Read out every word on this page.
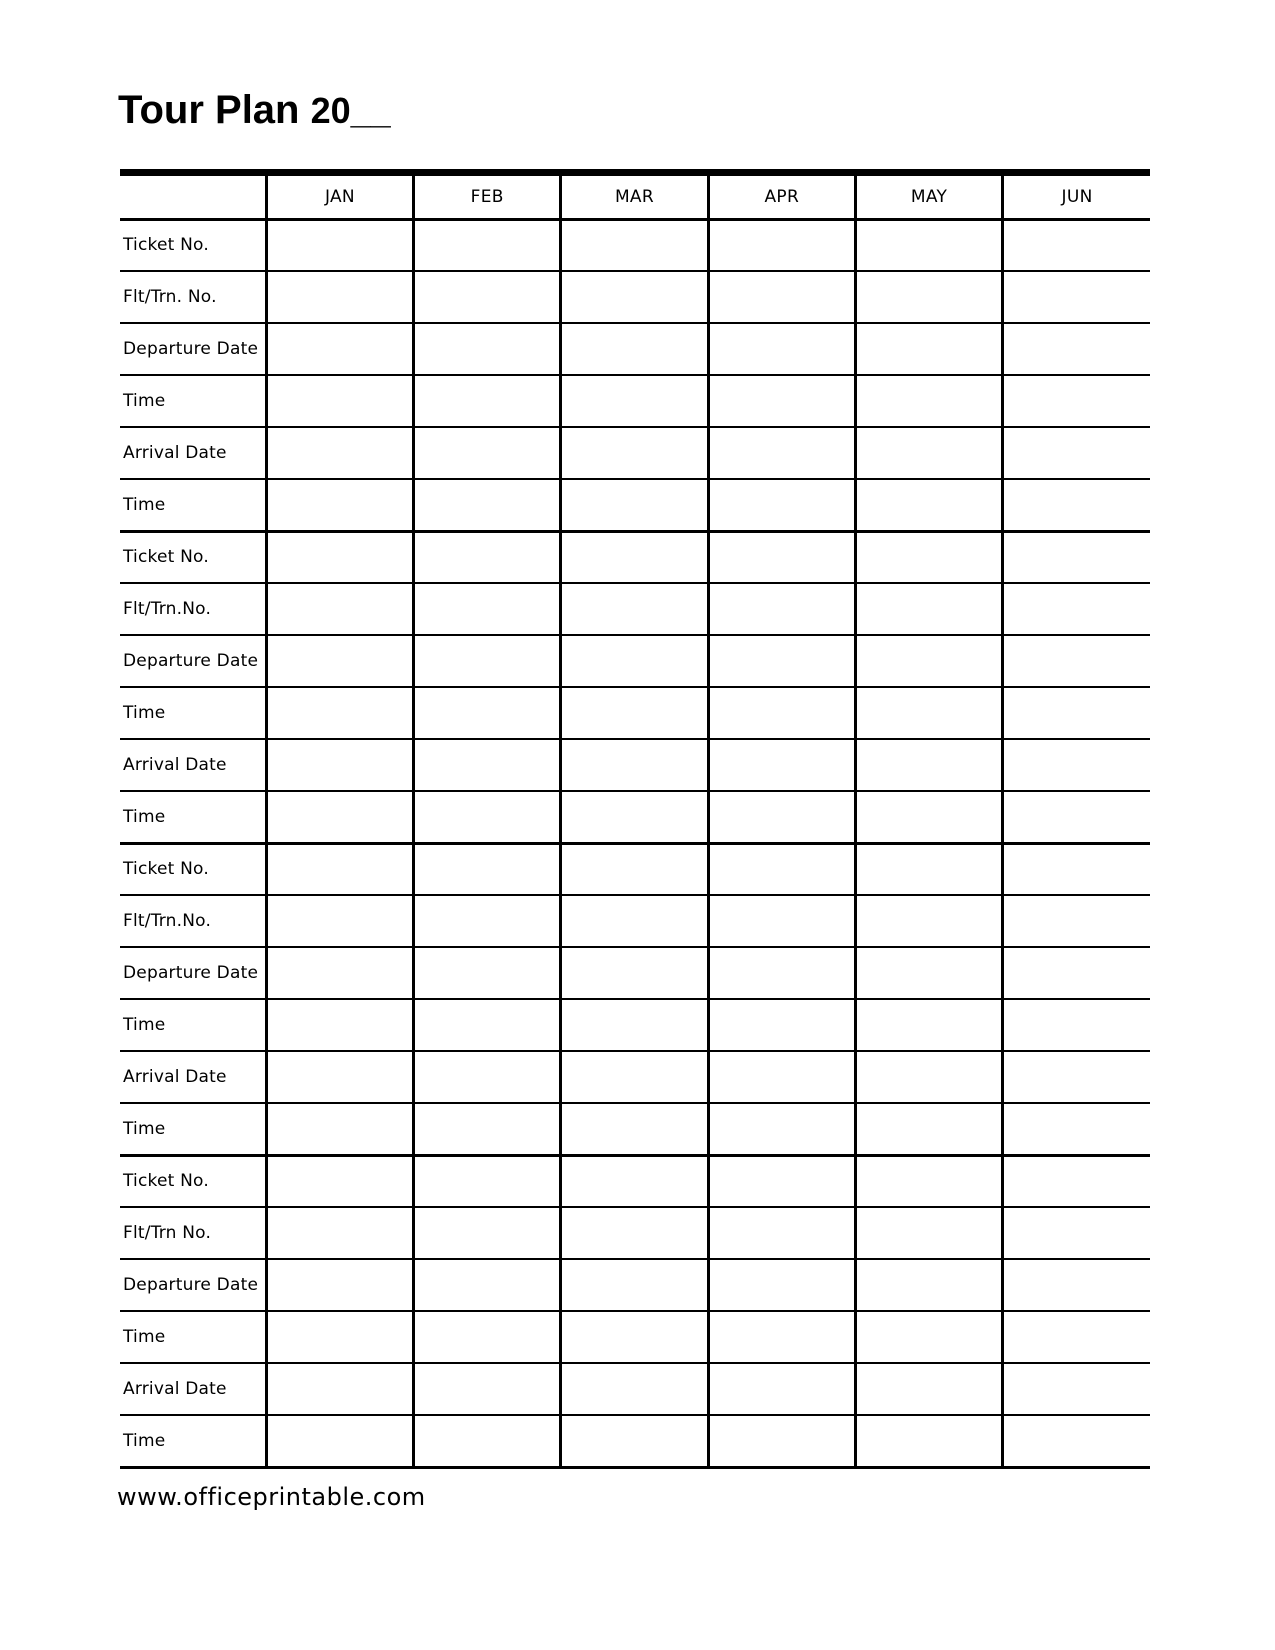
Tour Plan 20__
	JAN	FEB	MAR	APR	MAY	JUN
Ticket No.						
Flt/Trn. No.						
Departure Date						
Time						
Arrival Date						
Time						
Ticket No.						
Flt/Trn.No.						
Departure Date						
Time						
Arrival Date						
Time						
Ticket No.						
Flt/Trn.No.						
Departure Date						
Time						
Arrival Date						
Time						
Ticket No.						
Flt/Trn No.						
Departure Date						
Time						
Arrival Date						
Time						
www.officeprintable.com
